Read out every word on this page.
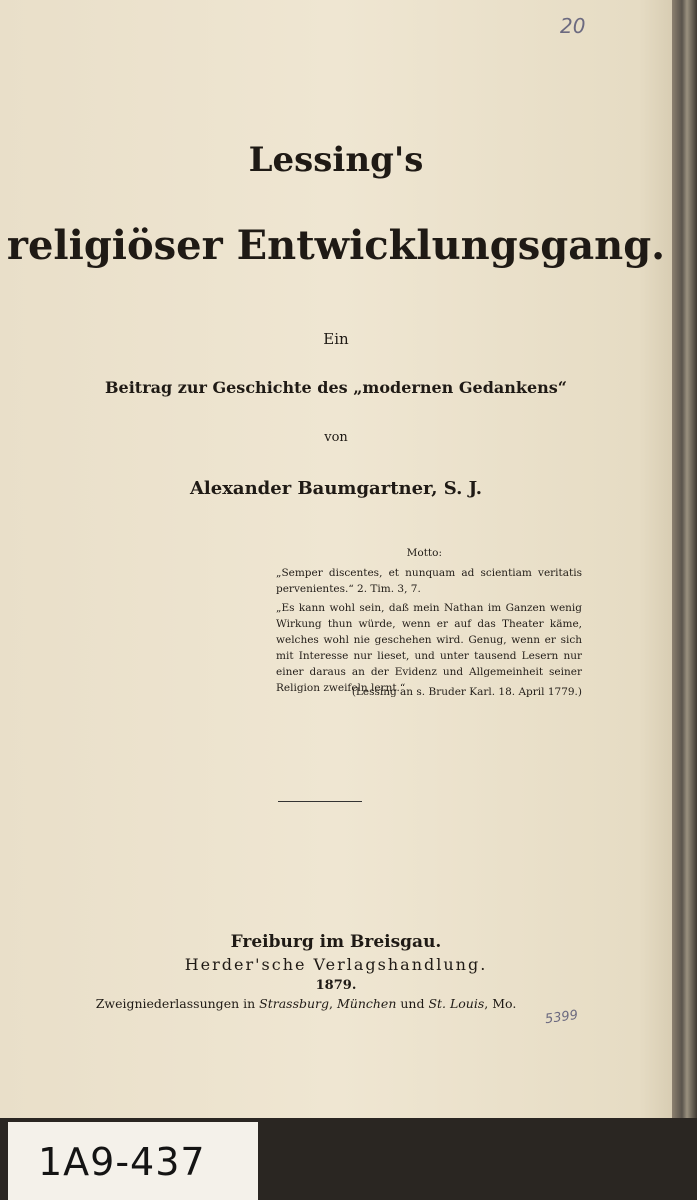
20
Lessing's
religiöser Entwicklungsgang.
Ein
Beitrag zur Geschichte des „modernen Gedankens“
von
Alexander Baumgartner, S. J.
Motto:
„Semper discentes, et nunquam ad scientiam veritatis pervenientes.“ 2. Tim. 3, 7.
„Es kann wohl sein, daß mein Nathan im Ganzen wenig Wirkung thun würde, wenn er auf das Theater käme, welches wohl nie geschehen wird. Genug, wenn er sich mit Interesse nur lieset, und unter tausend Lesern nur einer daraus an der Evidenz und Allgemeinheit seiner Religion zweifeln lernt.“
(Lessing an s. Bruder Karl. 18. April 1779.)
Freiburg im Breisgau.
Herder'sche Verlagshandlung.
1879.
Zweigniederlassungen in Strassburg, München und St. Louis, Mo.
5399
1A9-437
